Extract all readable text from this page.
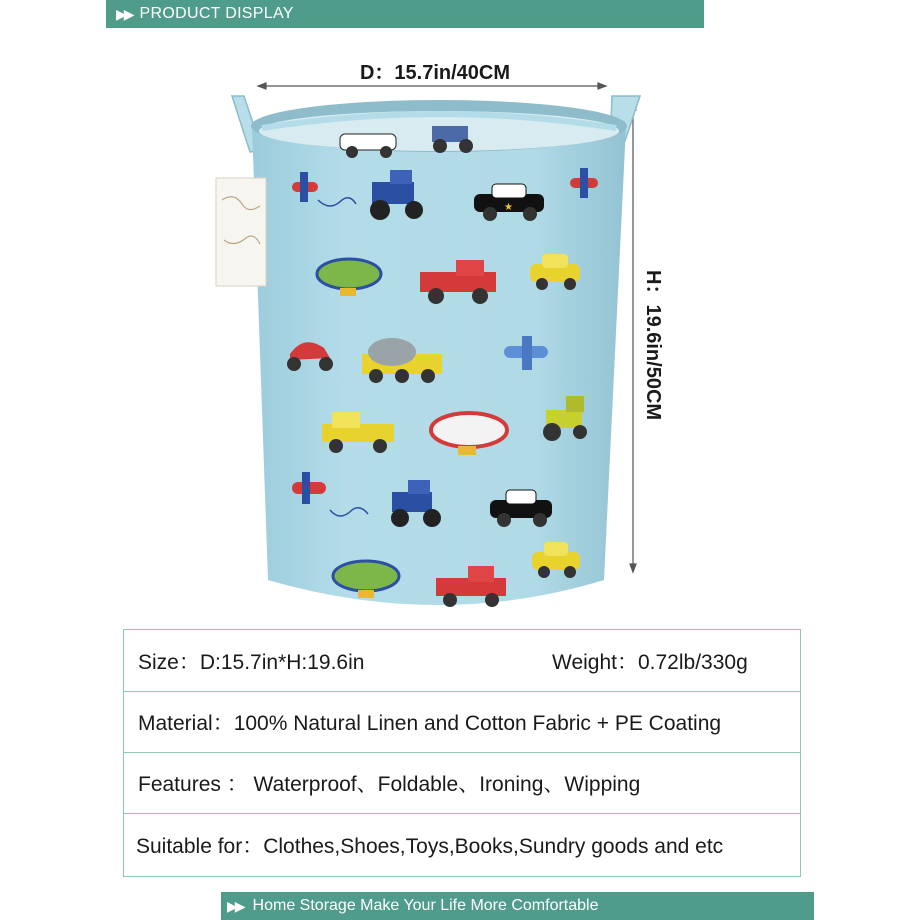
▶▶ PRODUCT DISPLAY
D：15.7in/40CM
H：19.6in/50CM
★
Size：D:15.7in*H:19.6in	Weight：0.72lb/330g
Material：100% Natural Linen and Cotton Fabric + PE Coating
Features ： Waterproof、Foldable、Ironing、Wipping
Suitable for：Clothes,Shoes,Toys,Books,Sundry goods and etc
▶▶ Home Storage Make Your Life More Comfortable
